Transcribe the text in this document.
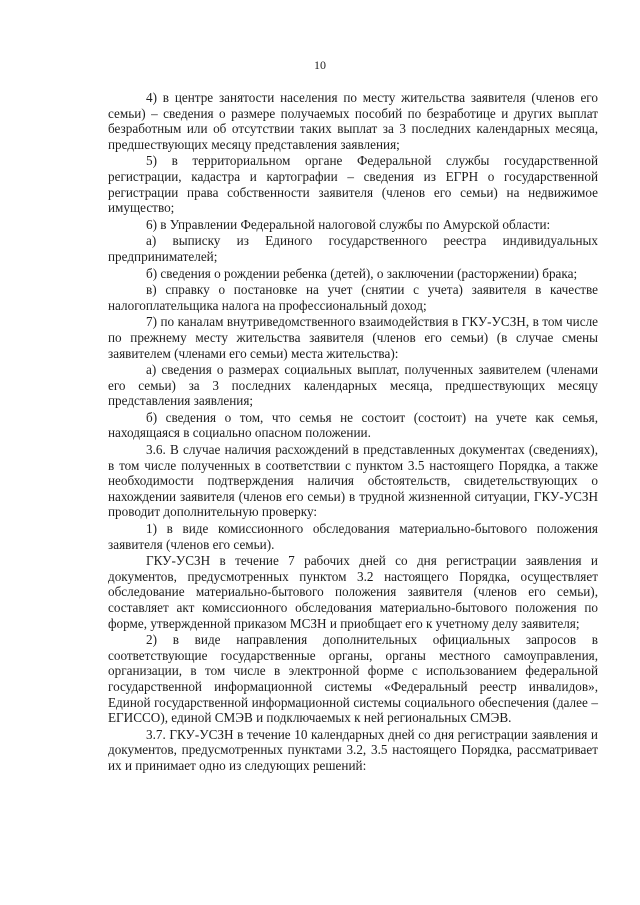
10

4) в центре занятости населения по месту жительства заявителя (членов его семьи) – сведения о размере получаемых пособий по безработице и других выплат безработным или об отсутствии таких выплат за 3 последних календарных месяца, предшествующих месяцу представления заявления;

5) в территориальном органе Федеральной службы государственной регистрации, кадастра и картографии – сведения из ЕГРН о государственной регистрации права собственности заявителя (членов его семьи) на недвижимое имущество;

6) в Управлении Федеральной налоговой службы по Амурской области:

а) выписку из Единого государственного реестра индивидуальных предпринимателей;

б) сведения о рождении ребенка (детей), о заключении (расторжении) брака;

в) справку о постановке на учет (снятии с учета) заявителя в качестве налогоплательщика налога на профессиональный доход;

7) по каналам внутриведомственного взаимодействия в ГКУ-УСЗН, в том числе по прежнему месту жительства заявителя (членов его семьи) (в случае смены заявителем (членами его семьи) места жительства):

а) сведения о размерах социальных выплат, полученных заявителем (членами его семьи) за 3 последних календарных месяца, предшествующих месяцу представления заявления;

б) сведения о том, что семья не состоит (состоит) на учете как семья, находящаяся в социально опасном положении.

3.6. В случае наличия расхождений в представленных документах (сведениях), в том числе полученных в соответствии с пунктом 3.5 настоящего Порядка, а также необходимости подтверждения наличия обстоятельств, свидетельствующих о нахождении заявителя (членов его семьи) в трудной жизненной ситуации, ГКУ-УСЗН проводит дополнительную проверку:

1) в виде комиссионного обследования материально-бытового положения заявителя (членов его семьи).

ГКУ-УСЗН в течение 7 рабочих дней со дня регистрации заявления и документов, предусмотренных пунктом 3.2 настоящего Порядка, осуществляет обследование материально-бытового положения заявителя (членов его семьи), составляет акт комиссионного обследования материально-бытового положения по форме, утвержденной приказом МСЗН и приобщает его к учетному делу заявителя;

2) в виде направления дополнительных официальных запросов в соответствующие государственные органы, органы местного самоуправления, организации, в том числе в электронной форме с использованием федеральной государственной информационной системы «Федеральный реестр инвалидов», Единой государственной информационной системы социального обеспечения (далее – ЕГИССО), единой СМЭВ и подключаемых к ней региональных СМЭВ.

3.7. ГКУ-УСЗН в течение 10 календарных дней со дня регистрации заявления и документов, предусмотренных пунктами 3.2, 3.5 настоящего Порядка, рассматривает их и принимает одно из следующих решений:
